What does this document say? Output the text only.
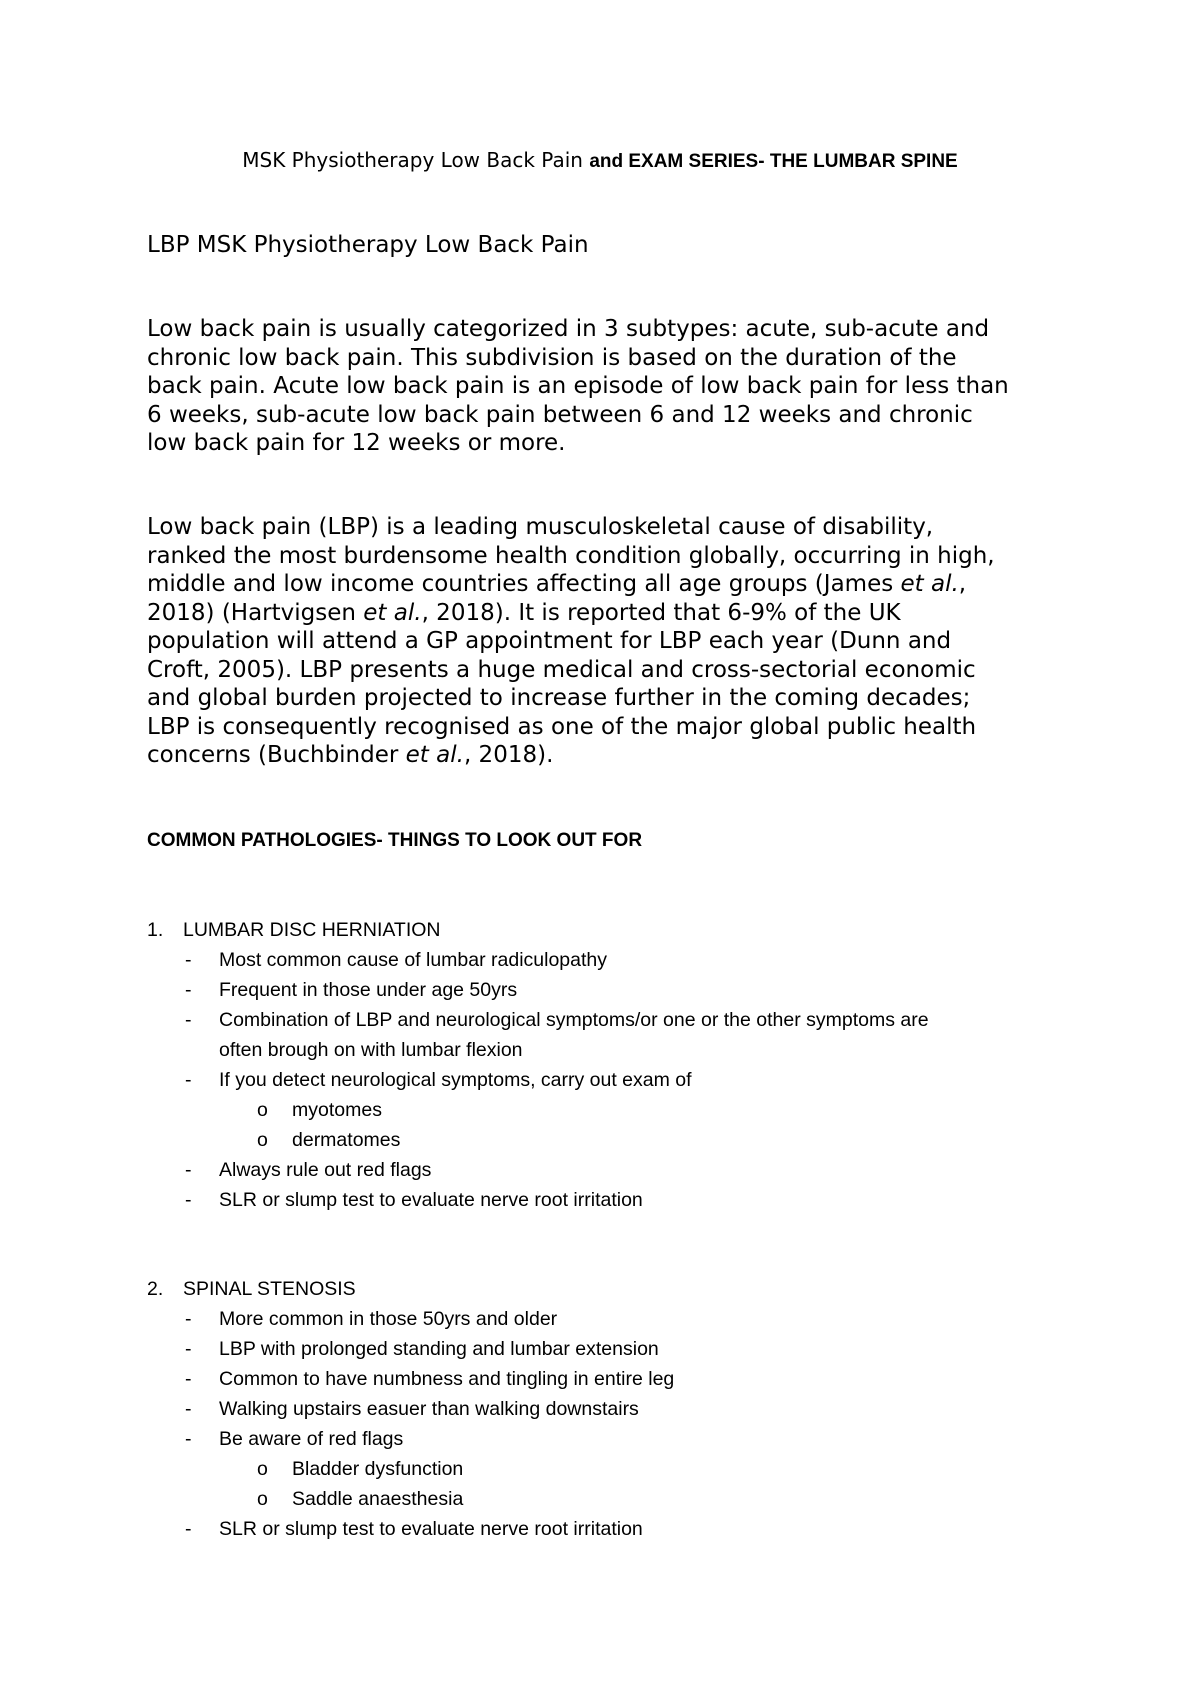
MSK Physiotherapy Low Back Pain and EXAM SERIES- THE LUMBAR SPINE
LBP MSK Physiotherapy Low Back Pain
Low back pain is usually categorized in 3 subtypes: acute, sub-acute and
chronic low back pain. This subdivision is based on the duration of the
back pain. Acute low back pain is an episode of low back pain for less than
6 weeks, sub-acute low back pain between 6 and 12 weeks and chronic
low back pain for 12 weeks or more.
Low back pain (LBP) is a leading musculoskeletal cause of disability,
ranked the most burdensome health condition globally, occurring in high,
middle and low income countries affecting all age groups (James et al.,
2018) (Hartvigsen et al., 2018). It is reported that 6-9% of the UK
population will attend a GP appointment for LBP each year (Dunn and
Croft, 2005). LBP presents a huge medical and cross-sectorial economic
and global burden projected to increase further in the coming decades;
LBP is consequently recognised as one of the major global public health
concerns (Buchbinder et al., 2018).
COMMON PATHOLOGIES- THINGS TO LOOK OUT FOR
1. LUMBAR DISC HERNIATION
- Most common cause of lumbar radiculopathy
- Frequent in those under age 50yrs
- Combination of LBP and neurological symptoms/or one or the other symptoms are
often brough on with lumbar flexion
- If you detect neurological symptoms, carry out exam of
o myotomes
o dermatomes
- Always rule out red flags
- SLR or slump test to evaluate nerve root irritation
2. SPINAL STENOSIS
- More common in those 50yrs and older
- LBP with prolonged standing and lumbar extension
- Common to have numbness and tingling in entire leg
- Walking upstairs easuer than walking downstairs
- Be aware of red flags
o Bladder dysfunction
o Saddle anaesthesia
- SLR or slump test to evaluate nerve root irritation
